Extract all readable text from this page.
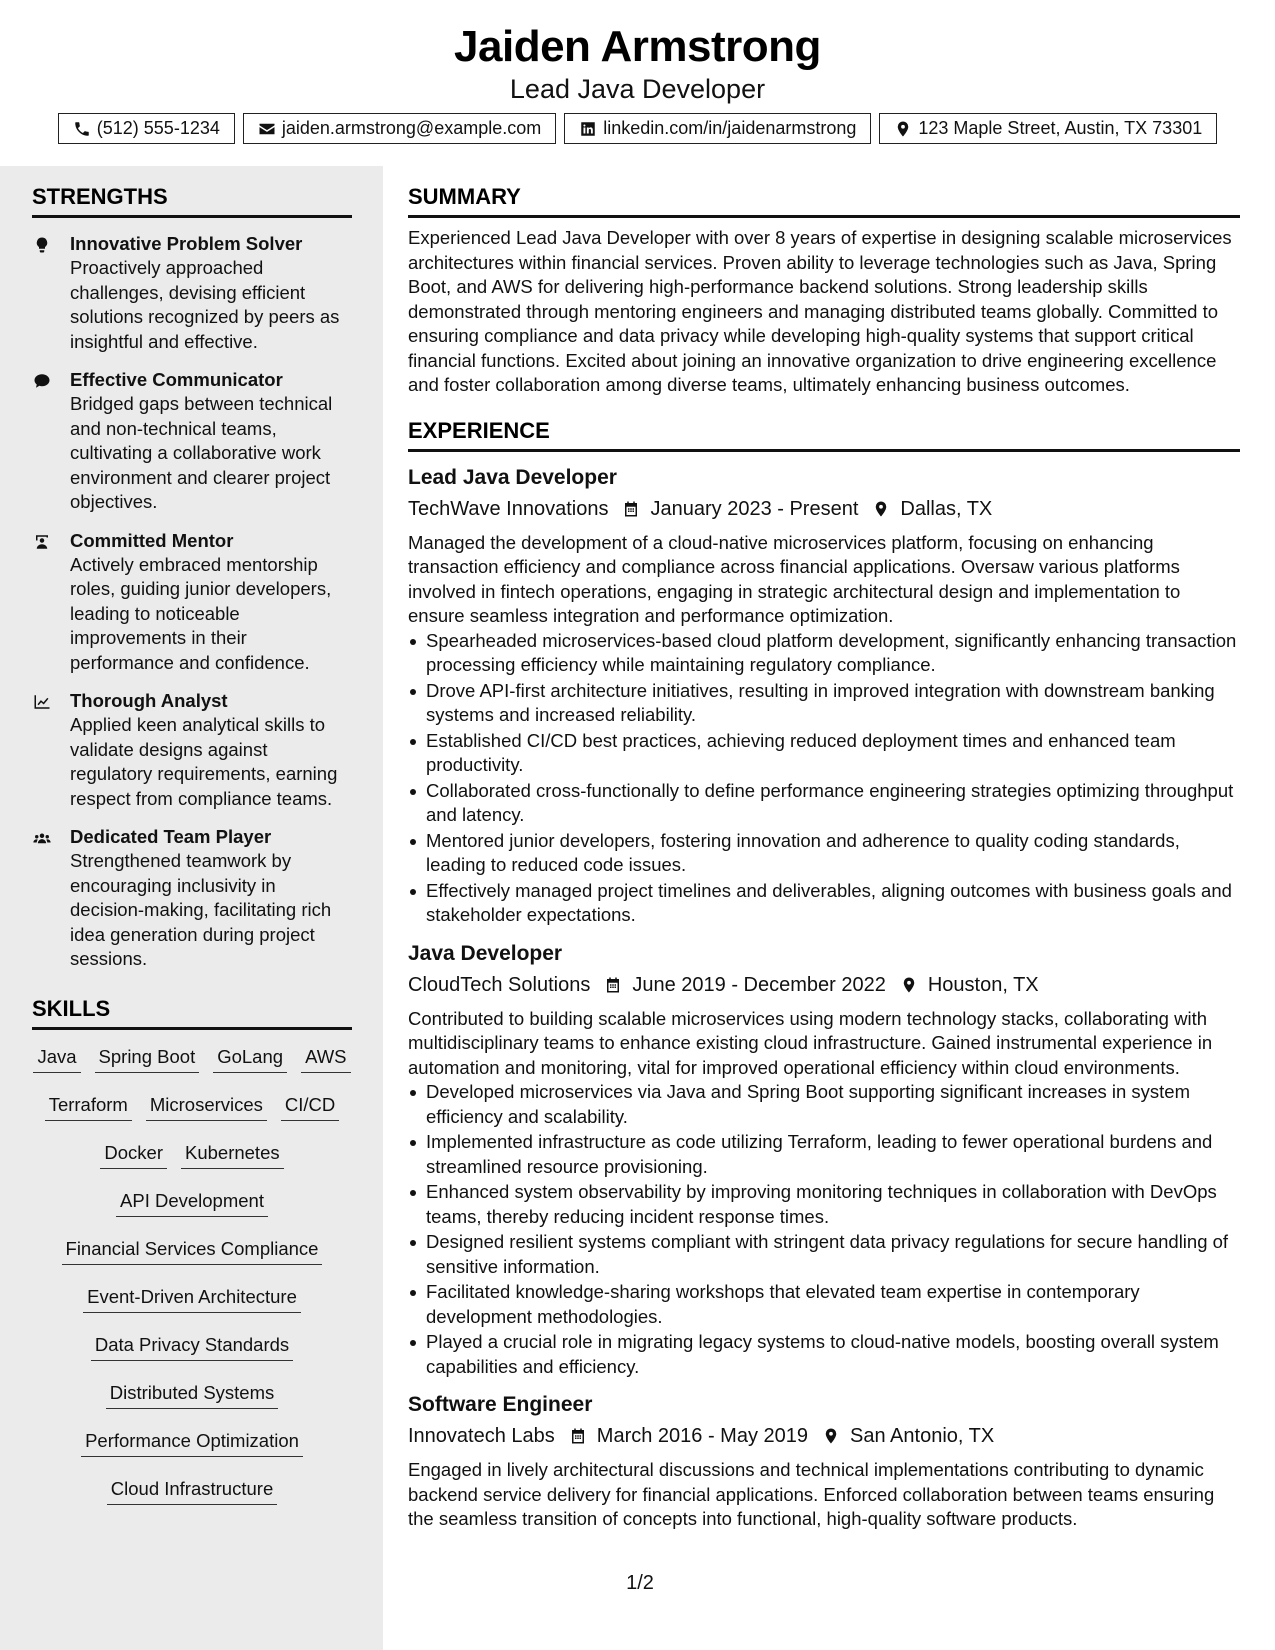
Jaiden Armstrong
Lead Java Developer
(512) 555-1234	jaiden.armstrong@example.com	linkedin.com/in/jaidenarmstrong	123 Maple Street, Austin, TX 73301
STRENGTHS
Innovative Problem Solver
Proactively approached challenges, devising efficient solutions recognized by peers as insightful and effective.
Effective Communicator
Bridged gaps between technical and non-technical teams, cultivating a collaborative work environment and clearer project objectives.
Committed Mentor
Actively embraced mentorship roles, guiding junior developers, leading to noticeable improvements in their performance and confidence.
Thorough Analyst
Applied keen analytical skills to validate designs against regulatory requirements, earning respect from compliance teams.
Dedicated Team Player
Strengthened teamwork by encouraging inclusivity in decision-making, facilitating rich idea generation during project sessions.
SKILLS
Java Spring Boot GoLang AWS
Terraform Microservices CI/CD
Docker Kubernetes
API Development
Financial Services Compliance
Event-Driven Architecture
Data Privacy Standards
Distributed Systems
Performance Optimization
Cloud Infrastructure
SUMMARY
Experienced Lead Java Developer with over 8 years of expertise in designing scalable microservices architectures within financial services. Proven ability to leverage technologies such as Java, Spring Boot, and AWS for delivering high-performance backend solutions. Strong leadership skills demonstrated through mentoring engineers and managing distributed teams globally. Committed to ensuring compliance and data privacy while developing high-quality systems that support critical financial functions. Excited about joining an innovative organization to drive engineering excellence and foster collaboration among diverse teams, ultimately enhancing business outcomes.
EXPERIENCE
Lead Java Developer
TechWave Innovations January 2023 - Present Dallas, TX
Managed the development of a cloud-native microservices platform, focusing on enhancing transaction efficiency and compliance across financial applications. Oversaw various platforms involved in fintech operations, engaging in strategic architectural design and implementation to ensure seamless integration and performance optimization.
Spearheaded microservices-based cloud platform development, significantly enhancing transaction processing efficiency while maintaining regulatory compliance.
Drove API-first architecture initiatives, resulting in improved integration with downstream banking systems and increased reliability.
Established CI/CD best practices, achieving reduced deployment times and enhanced team productivity.
Collaborated cross-functionally to define performance engineering strategies optimizing throughput and latency.
Mentored junior developers, fostering innovation and adherence to quality coding standards, leading to reduced code issues.
Effectively managed project timelines and deliverables, aligning outcomes with business goals and stakeholder expectations.
Java Developer
CloudTech Solutions June 2019 - December 2022 Houston, TX
Contributed to building scalable microservices using modern technology stacks, collaborating with multidisciplinary teams to enhance existing cloud infrastructure. Gained instrumental experience in automation and monitoring, vital for improved operational efficiency within cloud environments.
Developed microservices via Java and Spring Boot supporting significant increases in system efficiency and scalability.
Implemented infrastructure as code utilizing Terraform, leading to fewer operational burdens and streamlined resource provisioning.
Enhanced system observability by improving monitoring techniques in collaboration with DevOps teams, thereby reducing incident response times.
Designed resilient systems compliant with stringent data privacy regulations for secure handling of sensitive information.
Facilitated knowledge-sharing workshops that elevated team expertise in contemporary development methodologies.
Played a crucial role in migrating legacy systems to cloud-native models, boosting overall system capabilities and efficiency.
Software Engineer
Innovatech Labs March 2016 - May 2019 San Antonio, TX
Engaged in lively architectural discussions and technical implementations contributing to dynamic backend service delivery for financial applications. Enforced collaboration between teams ensuring the seamless transition of concepts into functional, high-quality software products.
1/2
